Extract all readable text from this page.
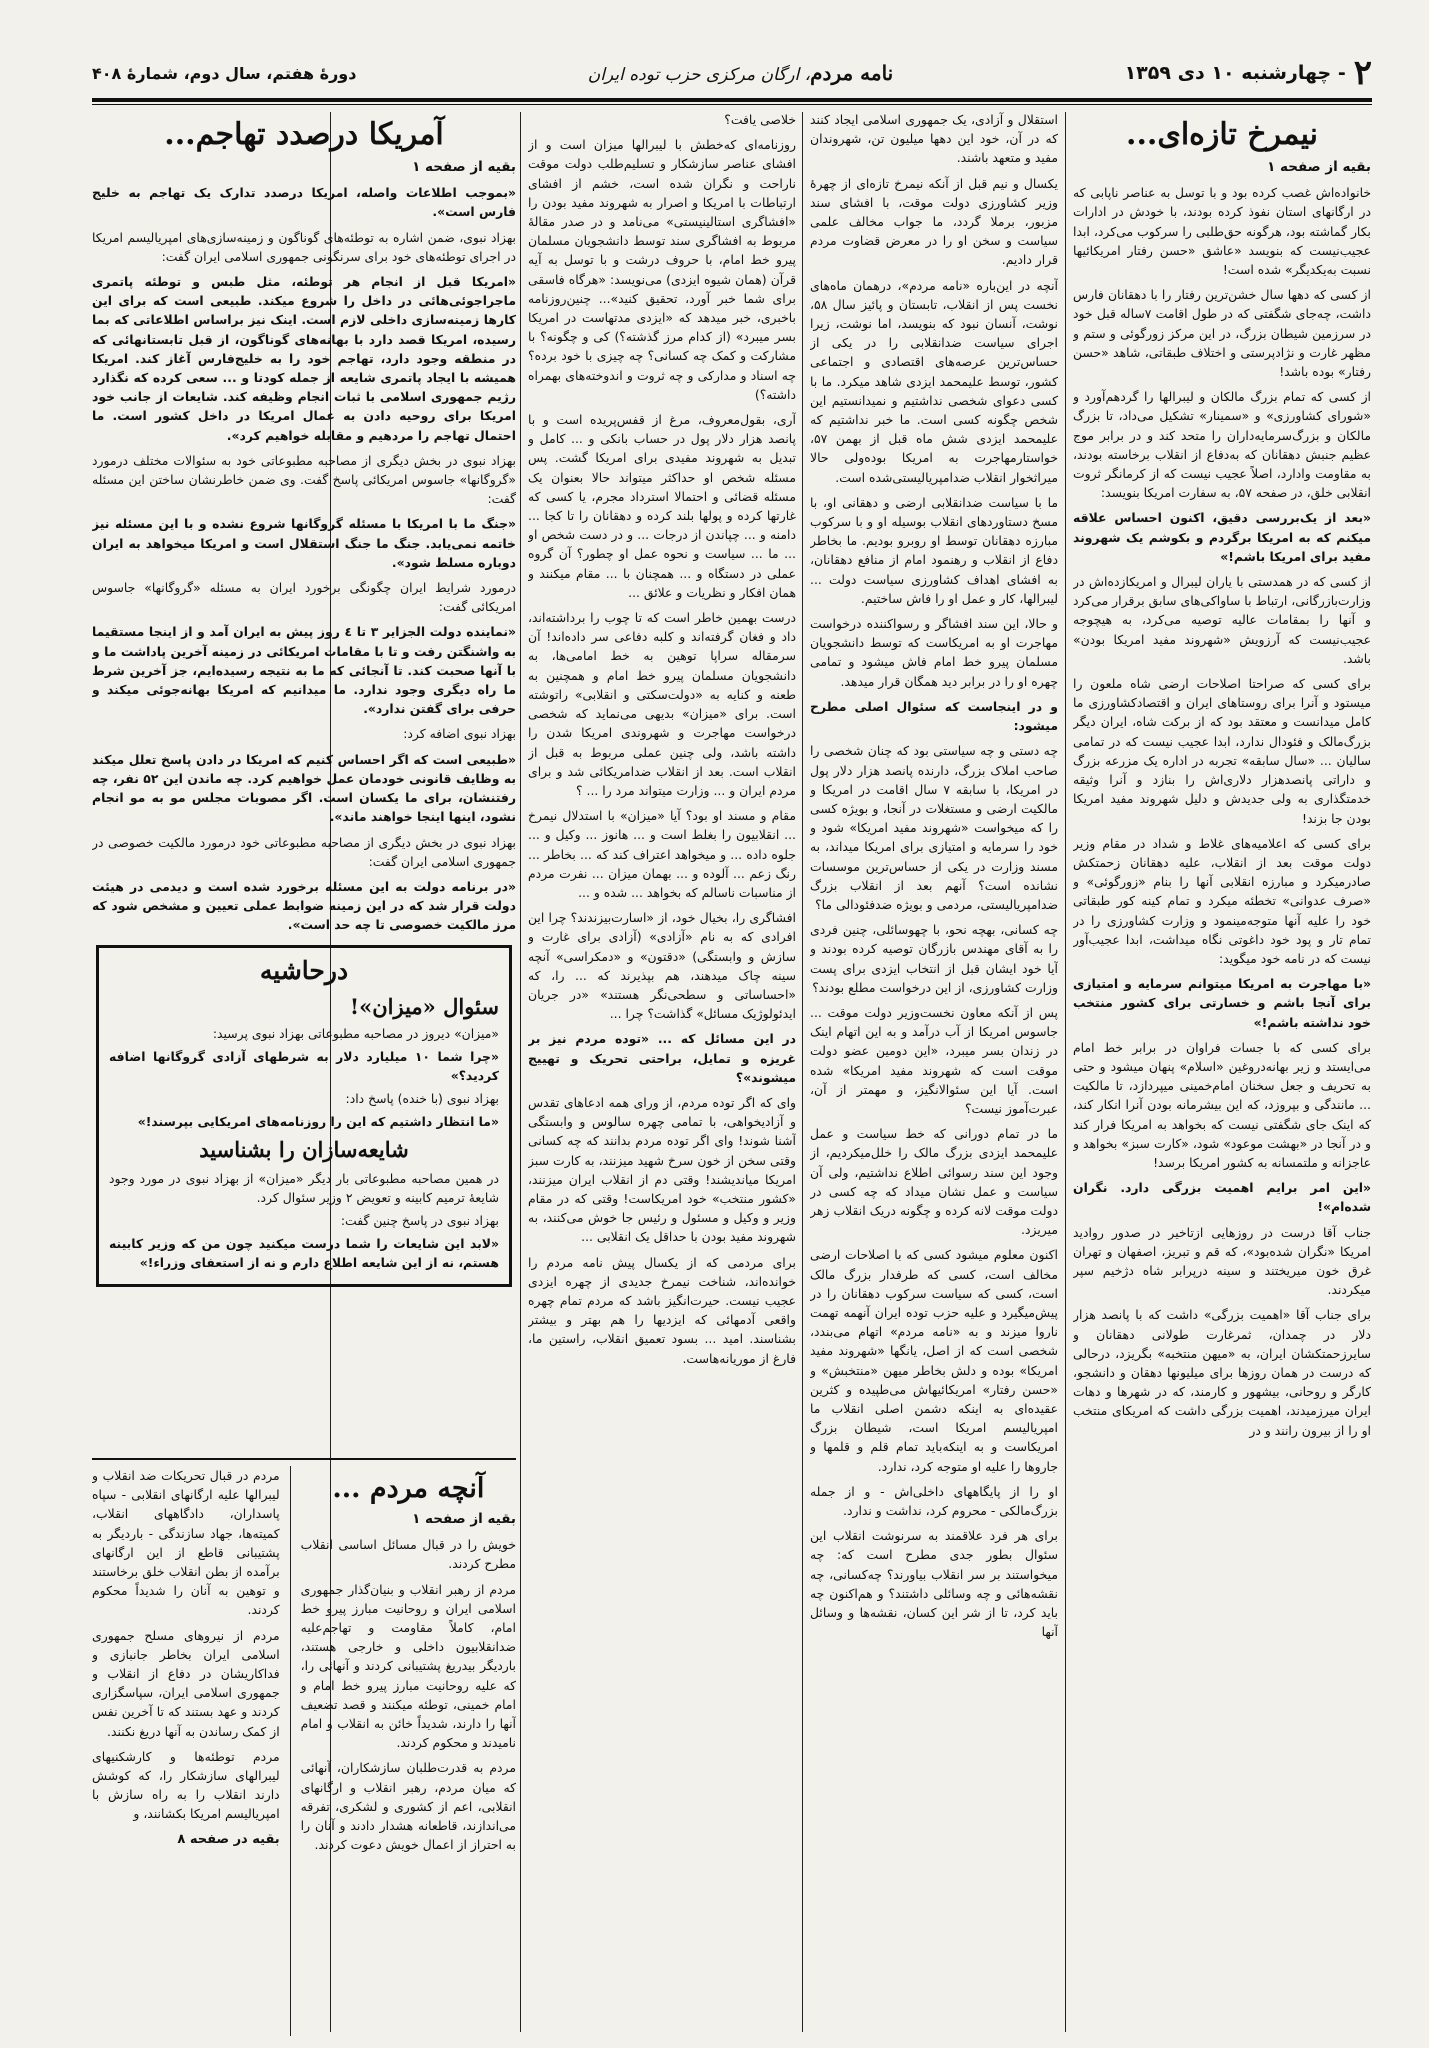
۲
- چهارشنبه ۱۰ دی ۱۳۵۹
نامه مردم، ارگان مرکزی حزب توده ایران
دورهٔ هفتم، سال دوم، شمارهٔ ۴۰۸
نیمرخ تازه‌ای...
بقیه از صفحه ۱

خانواده‌اش غصب کرده بود و با توسل به عناصر ناپابی که در ارگانهای استان نفوذ کرده بودند، با خودش در ادارات بکار گماشته بود، هرگونه حق‌طلبی را سرکوب می‌کرد، ابدا عجیب‌نیست که بنویسد «عاشق «حسن رفتار امریکائیها نسبت به‌یکدیگر» شده است!

از کسی که دهها سال خشن‌ترین رفتار را با دهقانان فارس داشت، چه‌جای شگفتی که در طول اقامت ۷ساله قبل خود در سرزمین شیطان بزرگ، در این مرکز زورگوئی و ستم و مظهر غارت و نژادپرستی و اختلاف طبقاتی، شاهد «حسن رفتار» بوده باشد!

از کسی که تمام بزرگ مالکان و لیبرالها را گردهم‌آورد و «شورای کشاورزی» و «سمینار» تشکیل می‌داد، تا بزرگ مالکان و بزرگ‌سرمایه‌داران را متحد کند و در برابر موج عظیم جنبش دهقانان که به‌دفاع از انقلاب برخاسته بودند، به مقاومت وادارد، اصلاً عجیب نیست که از کرمانگر ثروت انقلابی خلق، در صفحه ۵۷، به سفارت امریکا بنویسد:

«بعد از یک‌بررسی دقیق، اکنون احساس علاقه میکنم که به امریکا برگردم و بکوشم یک شهروند مفید برای امریکا باشم!»

از کسی که در همدستی با یاران لیبرال و امریکازده‌اش در وزارت‌بازرگانی، ارتباط با ساواکی‌های سابق برقرار می‌کرد و آنها را بمقامات عالیه توصیه می‌کرد، به هیچوجه عجیب‌نیست که آرزویش «شهروند مفید امریکا بودن» باشد.

برای کسی که صراحتا اصلاحات ارضی شاه ملعون را میستود و آنرا برای روستاهای ایران و اقتصادکشاورزی ما کامل میدانست و معتقد بود که از برکت شاه، ایران دیگر بزرگ‌مالک و فئودال ندارد، ابدا عجیب نیست که در تمامی سالیان ... «سال سابقه» تجربه در اداره یک مزرعه بزرگ و داراتی پانصدهزار دلاری‌اش را بنازد و آنرا وثیقه خدمتگذاری به ولی جدیدش و دلیل شهروند مفید امریکا بودن جا بزند!

برای کسی که اعلامیه‌های غلاط و شداد در مقام وزیر دولت موقت بعد از انقلاب، علیه دهقانان زحمتکش صادرمیکرد و مبارزه انقلابی آنها را بنام «زورگوئی» و «صرف عدوانی» تخطئه میکرد و تمام کینه کور طبقاتی خود را علیه آنها متوجه‌مینمود و وزارت کشاورزی را در تمام تار و پود خود داغوتی نگاه میداشت، ابدا عجیب‌آور نیست که در نامه خود میگوید:

«با مهاجرت به امریکا میتوانم سرمایه و امتیازی برای آنجا باشم و خسارتی برای کشور منتخب خود نداشته باشم!»

برای کسی که با جسات فراوان در برابر خط امام می‌ایستد و زیر بهانه‌دروغین «اسلام» پنهان میشود و حتی به تحریف و جعل سخنان امام‌خمینی میپردازد، تا مالکیت ... مانندگی و بپروزد، که این بیشرمانه بودن آنرا انکار کند، که اینک جای شگفتی نیست که بخواهد به امریکا فرار کند و در آنجا در «بهشت موعود» شود، «کارت سبز» بخواهد و عاجزانه و ملتمسانه به کشور امریکا برسد!

«این امر برایم اهمیت بزرگی دارد. نگران شده‌ام»!

جناب آقا درست در روزهایی ازتاخیر در صدور روادید امریکا «نگران شده‌بود»، که قم و تبریز، اصفهان و تهران غرق خون میریختند و سینه درپرابر شاه دژخیم سپر میکردند.

برای جناب آقا «اهمیت بزرگی» داشت که با پانصد هزار دلار در چمدان، ثمرغارت طولانی دهقانان و سایرزحمتکشان ایران، به «میهن منتخبه» بگریزد، درحالی که درست در همان روزها برای میلیونها دهقان و دانشجو، کارگر و روحانی، بیشهور و کارمند، که در شهرها و دهات ایران میرزمیدند، اهمیت بزرگی داشت که امریکای منتخب او را از بیرون رانند و در

استقلال و آزادی، یک جمهوری اسلامی ایجاد کنند که در آن، خود این دهها میلیون تن، شهروندان مفید و متعهد باشند.

یکسال و نیم قبل از آنکه نیمرخ تازه‌ای از چهرهٔ وزیر کشاورزی دولت موقت، با افشای سند مزبور، برملا گردد، ما جواب مخالف علمی سیاست و سخن او را در معرض قضاوت مردم قرار دادیم.

آنچه در این‌باره «نامه مردم»، درهمان ماه‌های نخست پس از انقلاب، تابستان و پائیز سال ۵۸، نوشت، آنسان نبود که بنویسد، اما نوشت، زیرا اجرای سیاست ضدانقلابی را در یکی از حساس‌ترین عرصه‌های اقتصادی و اجتماعی کشور، توسط علیمحمد ایزدی شاهد میکرد. ما با کسی دعوای شخصی نداشتیم و نمیدانستیم این شخص چگونه کسی است. ما خبر نداشتیم که علیمحمد ایزدی شش ماه قبل از بهمن ۵۷، خواستارمهاجرت به امریکا بوده‌ولی حالا میراثخوار انقلاب ضدامپریالیستی‌شده است.

ما با سیاست ضدانقلابی ارضی و دهقانی او، با مسخ دستاوردهای انقلاب بوسیله او و با سرکوب مبارزه دهقانان توسط او روبرو بودیم. ما بخاطر دفاع از انقلاب و رهنمود امام از منافع دهقانان، به افشای اهداف کشاورزی سیاست دولت ... لیبرالها، کار و عمل او را فاش ساختیم.

و حالا، این سند افشاگر و رسواکننده درخواست مهاجرت او به امریکاست که توسط دانشجویان مسلمان پیرو خط امام فاش میشود و تمامی چهره او را در برابر دید همگان قرار میدهد.

و در اینجاست که سئوال اصلی مطرح میشود:

چه دستی و چه سیاستی بود که چنان شخصی را صاحب املاک بزرگ، دارنده پانصد هزار دلار پول در امریکا، با سابقه ۷ سال اقامت در امریکا و مالکیت ارضی و مستغلات در آنجا، و بویژه کسی را که میخواست «شهروند مفید امریکا» شود و خود را سرمایه و امتیازی برای امریکا میداند، به مسند وزارت در یکی از حساس‌ترین موسسات نشانده است؟ آنهم بعد از انقلاب بزرگ ضدامپریالیستی، مردمی و بویژه ضدفئودالی ما؟

چه کسانی، بهچه نحو، با چهوسائلی، چنین فردی را به آقای مهندس بازرگان توصیه کرده بودند و آیا خود ایشان قبل از انتخاب ایزدی برای پست وزارت کشاورزی، از این درخواست مطلع بودند؟

پس از آنکه معاون نخست‌وزیر دولت موقت ... جاسوس امریکا از آب درآمد و به این اتهام اینک در زندان بسر میبرد، «این دومین عضو دولت موقت است که شهروند مفید امریکا» شده است. آیا این سئوالانگیز، و مهمتر از آن، عبرت‌آموز نیست؟

ما در تمام دورانی که خط سیاست و عمل علیمحمد ایزدی بزرگ مالک را خلل‌میکردیم، از وجود این سند رسوائی اطلاع نداشتیم، ولی آن سیاست و عمل نشان میداد که چه کسی در دولت موقت لانه کرده و چگونه دریک انقلاب زهر میریزد.

اکنون معلوم میشود کسی که با اصلاحات ارضی مخالف است، کسی که طرفدار بزرگ مالک است، کسی که سیاست سرکوب دهقانان را در پیش‌میگیرد و علیه حزب توده ایران آنهمه تهمت ناروا میزند و به «نامه مردم» اتهام می‌بندد، شخصی است که از اصل، یانگها «شهروند مفید امریکا» بوده و دلش بخاطر میهن «منتخبش» و «حسن رفتار» امریکائیهاش می‌طپیده و کثرین عقیده‌ای به اینکه دشمن اصلی انقلاب ما امپریالیسم امریکا است، شیطان بزرگ امریکاست و به اینکه‌باید تمام قلم و قلمها و جاروها را علیه او متوجه کرد، ندارد.

او را از پایگاههای داخلی‌اش - و از جمله بزرگ‌مالکی - محروم کرد، نداشت و ندارد.

برای هر فرد علاقمند به سرنوشت انقلاب این سئوال بطور جدی مطرح است که: چه میخواستند بر سر انقلاب بیاورند؟ چه‌کسانی، چه نقشه‌هائی و چه وسائلی داشتند؟ و هم‌اکنون چه باید کرد، تا از شر این کسان، نقشه‌ها و وسائل آنها

خلاصی یافت؟

روزنامه‌ای که‌خطش با لیبرالها میزان است و از افشای عناصر سازشکار و تسلیم‌طلب دولت موقت ناراحت و نگران شده است، خشم از افشای ارتباطات با امریکا و اصرار به شهروند مفید بودن را «افشاگری استالینیستی» می‌نامد و در صدر مقالهٔ مربوط به افشاگری سند توسط دانشجویان مسلمان پیرو خط امام، با حروف درشت و با توسل به آیه قرآن (همان شیوه ایزدی) می‌نویسد: «هرگاه فاسقی برای شما خبر آورد، تحقیق کنید»... چنین‌روزنامه باخبری، خبر میدهد که «ایزدی مدتهاست در امریکا بسر میبرد» (از کدام مرز گذشته؟) کی و چگونه؟ با مشارکت و کمک چه کسانی؟ چه چیزی با خود برده؟ چه اسناد و مدارکی و چه ثروت و اندوخته‌های بهمراه داشته؟)

آری، بقول‌معروف، مرغ از قفس‌پریده است و با پانصد هزار دلار پول در حساب بانکی و ... کامل و تبدیل به شهروند مفیدی برای امریکا گشت. پس مسئله شخص او حداکثر میتواند حالا بعنوان یک مسئله قضائی و احتمالا استرداد مجرم، یا کسی که غارتها کرده و پولها بلند کرده و دهقانان را تا کجا ... دامنه و ... چپاندن از درجات ... و در دست شخص او ... ما ... سیاست و نحوه عمل او چطور؟ آن گروه عملی در دستگاه و ... همچنان با ... مقام میکنند و همان افکار و نظریات و علائق ...

درست بهمین خاطر است که تا چوب را برداشته‌اند، داد و فغان گرفته‌اند و کلبه دفاعی سر داده‌اند! آن سرمقاله سراپا توهین به خط امامی‌ها، به دانشجویان مسلمان پیرو خط امام و همچنین به طعنه و کنایه به «دولت‌سکتی و انقلابی» راتوشته است. برای «میزان» بدیهی می‌نماید که شخصی درخواست مهاجرت و شهروندی امریکا شدن را داشته باشد، ولی چنین عملی مربوط به قبل از انقلاب است. بعد از انقلاب ضدامریکائی شد و برای مردم ایران و ... وزارت میتواند مرد را ... ؟

مقام و مسند او بود؟ آیا «میزان» با استدلال نیمرخ ... انقلابیون را بغلط است و ... هانوز ... وکیل و ... جلوه داده ... و میخواهد اعتراف کند که ... بخاطر ... رنگ زعم ... آلوده و ... بهمان میزان ... نفرت مردم از مناسبات ناسالم که بخواهد ... شده و ...

افشاگری را، بخیال خود، از «اسارت‌بیزندند؟ چرا این افرادی که به نام «آزادی» (آزادی برای غارت و سازش و وابستگی) «دقتون» و «دمکراسی» آنچه سینه چاک میدهند، هم بپذیرند که ... را، که «احساساتی و سطحی‌نگر هستند» «در جریان ایدئولوژیک مسائل» گذاشت؟ چرا ...

در این مسائل که ... «توده مردم نیز بر غریزه و تمایل، براحتی تحریک و تهییج میشوند»؟

وای که اگر توده مردم، از ورای همه ادعاهای تقدس و آزادیخواهی، با تمامی چهره سالوس و وابستگی آشنا شوند! وای اگر توده مردم بدانند که چه کسانی وقتی سخن از خون سرخ شهید میزنند، به کارت سبز امریکا میاندیشند! وقتی دم از انقلاب ایران میزنند، «کشور منتخب» خود امریکاست! وقتی که در مقام وزیر و وکیل و مسئول و رئیس جا خوش می‌کنند، به شهروند مفید بودن با حداقل یک انقلابی ...

برای مردمی که از یکسال پیش نامه مردم را خوانده‌اند، شناخت نیمرخ جدیدی از چهره ایزدی عجیب نیست. حیرت‌انگیز باشد که مردم تمام چهره واقعی آدمهائی که ایزدیها را هم بهتر و بیشتر بشناسند. امید ... بسود تعمیق انقلاب، راستین ما، فارغ از موریانه‌هاست.

آمریکا درصدد تهاجم...
بقیه از صفحه ۱

«بموجب اطلاعات واصله، امریکا درصدد تدارک یک تهاجم به خلیج فارس است».

بهزاد نبوی، ضمن اشاره به توطئه‌های گوناگون و زمینه‌سازی‌های امپریالیسم امریکا در اجرای توطئه‌های خود برای سرنگونی جمهوری اسلامی ایران گفت:

«امریکا قبل از انجام هر توطئه، مثل طبس و توطئه پاتمری ماجراجوئی‌هائی در داخل را شروع میکند. طبیعی است که برای این کارها زمینه‌سازی داخلی لازم است. اینک نیز براساس اطلاعاتی که بما رسیده، امریکا قصد دارد با بهانه‌های گوناگون، از قبل تابستانهائی که در منطقه وجود دارد، تهاجم خود را به خلیج‌فارس آغاز کند. امریکا همیشه با ایجاد پاتمری شایعه از جمله کودتا و ... سعی کرده که نگذارد رژیم جمهوری اسلامی با ثبات انجام وظیفه کند. شایعات از جانب خود امریکا برای روحیه دادن به عمال امریکا در داخل کشور است. ما احتمال تهاجم را مردهیم و مقابله خواهیم کرد».

بهزاد نبوی در بخش دیگری از مصاحبه مطبوعاتی خود به سئوالات مختلف درمورد «گروگانها» جاسوس امریکائی پاسخ گفت. وی ضمن خاطرنشان ساختن این مسئله گفت:

«جنگ ما با امریکا با مسئله گروگانها شروع نشده و با این مسئله نیز خاتمه نمی‌یابد. جنگ ما جنگ استقلال است و امریکا میخواهد به ایران دوباره مسلط شود».

درمورد شرایط ایران چگونگی برخورد ایران به مسئله «گروگانها» جاسوس امریکائی گفت:

«نماینده دولت الجزایر ۳ تا ٤ روز پیش به ایران آمد و از اینجا مستقیما به واشنگتن رفت و تا با مقامات امریکائی در زمینه آخرین پاداشت ما و با آنها صحبت کند. تا آنجائی که ما به نتیجه رسیده‌ایم، جز آخرین شرط ما راه دیگری وجود ندارد. ما میدانیم که امریکا بهانه‌جوئی میکند و حرفی برای گفتن ندارد».

بهزاد نبوی اضافه کرد:

«طبیعی است که اگر احساس کنیم که امریکا در دادن پاسخ تعلل میکند به وظایف قانونی خودمان عمل خواهیم کرد. چه ماندن این ۵۲ نفر، چه رفتنشان، برای ما یکسان است. اگر مصوبات مجلس مو به مو انجام نشود، اینها اینجا خواهند ماند».

بهزاد نبوی در بخش دیگری از مصاحبه مطبوعاتی خود درمورد مالکیت خصوصی در جمهوری اسلامی ایران گفت:

«در برنامه دولت به این مسئله برخورد شده است و دیدمی در هیئت دولت قرار شد که در این زمینه ضوابط عملی تعیین و مشخص شود که مرز مالکیت خصوصی تا چه حد است».

درحاشیه
سئوال «میزان»!

«میزان» دیروز در مصاحبه مطبوعاتی بهزاد نبوی پرسید:

«چرا شما ۱۰ میلیارد دلار به شرطهای آزادی گروگانها اضافه کردید؟»

بهزاد نبوی (با خنده) پاسخ داد:

«ما انتظار داشتیم که این را روزنامه‌های امریکایی بپرسند!»

شایعه‌سازان را بشناسید

در همین مصاحبه مطبوعاتی بار دیگر «میزان» از بهزاد نبوی در مورد وجود شایعهٔ ترمیم کابینه و تعویض ۲ وزیر سئوال کرد.

بهزاد نبوی در پاسخ چنین گفت:

«لابد این شایعات را شما درست میکنید چون من که وزیر کابینه هستم، نه از این شایعه اطلاع دارم و نه از استعفای وزراء!»

آنچه مردم ...
بقیه از صفحه ۱

خویش را در قبال مسائل اساسی انقلاب مطرح کردند.

مردم از رهبر انقلاب و بنیان‌گذار جمهوری اسلامی ایران و روحانیت مبارز پیرو خط امام، کاملاً مقاومت و تهاجم‌علیه ضدانقلابیون داخلی و خارجی هستند، باردیگر بیدریغ پشتیبانی کردند و آنهائی را، که علیه روحانیت مبارز پیرو خط امام و امام خمینی، توطئه میکنند و قصد تضعیف آنها را دارند، شدیداً خائن به انقلاب و امام نامیدند و محکوم کردند.

مردم به قدرت‌طلبان سازشکاران، آنهائی که میان مردم، رهبر انقلاب و ارگانهای انقلابی، اعم از کشوری و لشکری، تفرقه می‌اندازند، قاطعانه هشدار دادند و آنان را به احتراز از اعمال خویش دعوت کردند.

مردم در قبال تحریکات ضد انقلاب و لیبرالها علیه ارگانهای انقلابی - سپاه پاسداران، دادگاههای انقلاب، کمیته‌ها، جهاد سازندگی - باردیگر به پشتیبانی قاطع از این ارگانهای برآمده از بطن انقلاب خلق برخاستند و توهین به آنان را شدیداً محکوم کردند.

مردم از نیروهای مسلح جمهوری اسلامی ایران بخاطر جانبازی و فداکاریشان در دفاع از انقلاب و جمهوری اسلامی ایران، سپاسگزاری کردند و عهد بستند که تا آخرین نفس از کمک رساندن به آنها دریغ نکنند.

مردم توطئه‌ها و کارشکنیهای لیبرالهای سازشکار را، که کوشش دارند انقلاب را به راه سازش با امپریالیسم امریکا بکشانند، و

بقیه در صفحه ۸
